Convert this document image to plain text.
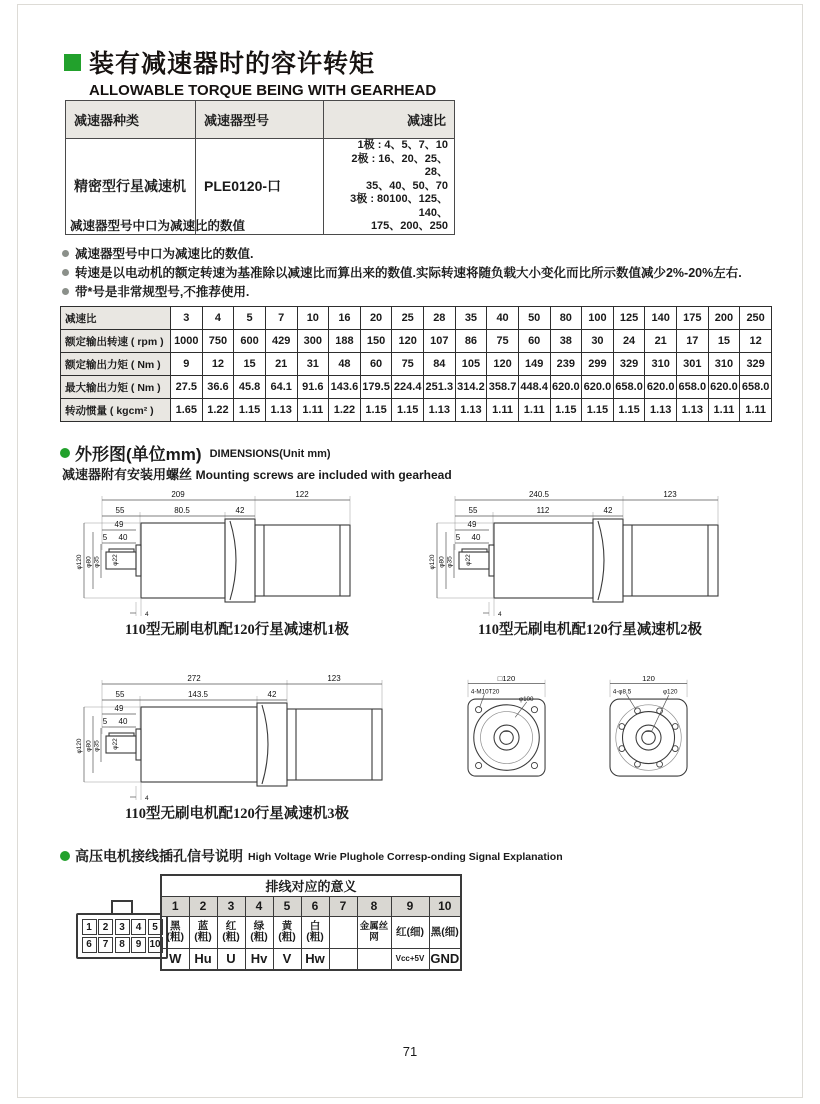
装有减速器时的容许转矩
ALLOWABLE TORQUE BEING WITH GEARHEAD
减速器种类	减速器型号	减速比
精密型行星减速机	PLE0120-口	1极 : 4、5、7、10
2极 : 16、20、25、28、
35、40、50、70
3极 : 80100、125、140、
175、200、250
减速器型号中口为减速比的数值
减速器型号中口为减速比的数值.
转速是以电动机的额定转速为基准除以减速比而算出来的数值.实际转速将随负载大小变化而比所示数值减少2%-20%左右.
带*号是非常规型号,不推荐使用.
减速比	3	4	5	7	10	16	20	25	28	35	40	50	80	100	125	140	175	200	250
额定输出转速 ( rpm )	1000	750	600	429	300	188	150	120	107	86	75	60	38	30	24	21	17	15	12
额定输出力矩 ( Nm )	9	12	15	21	31	48	60	75	84	105	120	149	239	299	329	310	301	310	329
最大输出力矩 ( Nm )	27.5	36.6	45.8	64.1	91.6	143.6	179.5	224.4	251.3	314.2	358.7	448.4	620.0	620.0	658.0	620.0	658.0	620.0	658.0
转动惯量 ( kgcm² )	1.65	1.22	1.15	1.13	1.11	1.22	1.15	1.15	1.13	1.13	1.11	1.11	1.15	1.15	1.15	1.13	1.13	1.11	1.11
外形图(单位mm) DIMENSIONS(Unit mm)
减速器附有安装用螺丝 Mounting screws are included with gearhead
209	122
55	80.5	42
49
5 40
φ120 φ80 φ35 φ22
4
110型无刷电机配120行星减速机1极
240.5	123
55	112	42
49
5 40
φ120 φ80 φ35 φ22
4
110型无刷电机配120行星减速机2极
272	123
55	143.5	42
49
5 40
φ120 φ80 φ35 φ22
4
110型无刷电机配120行星减速机3极
□120
4-M10T20
φ100
120
4-φ8.5	φ120
高压电机接线插孔信号说明 High Voltage Wrie Plughole Corresp-onding Signal Explanation
1	2	3	4	5
6	7	8	9 10
排线对应的意义									
1	2	3	4	5	6	7	8	9	10
黑(粗)	蓝(粗)	红(粗)	绿(粗)	黄(粗)	白(粗)		金属丝网	红(细)	黑(细)
W	Hu	U	Hv	V	Hw			Vcc+5V	GND
71
